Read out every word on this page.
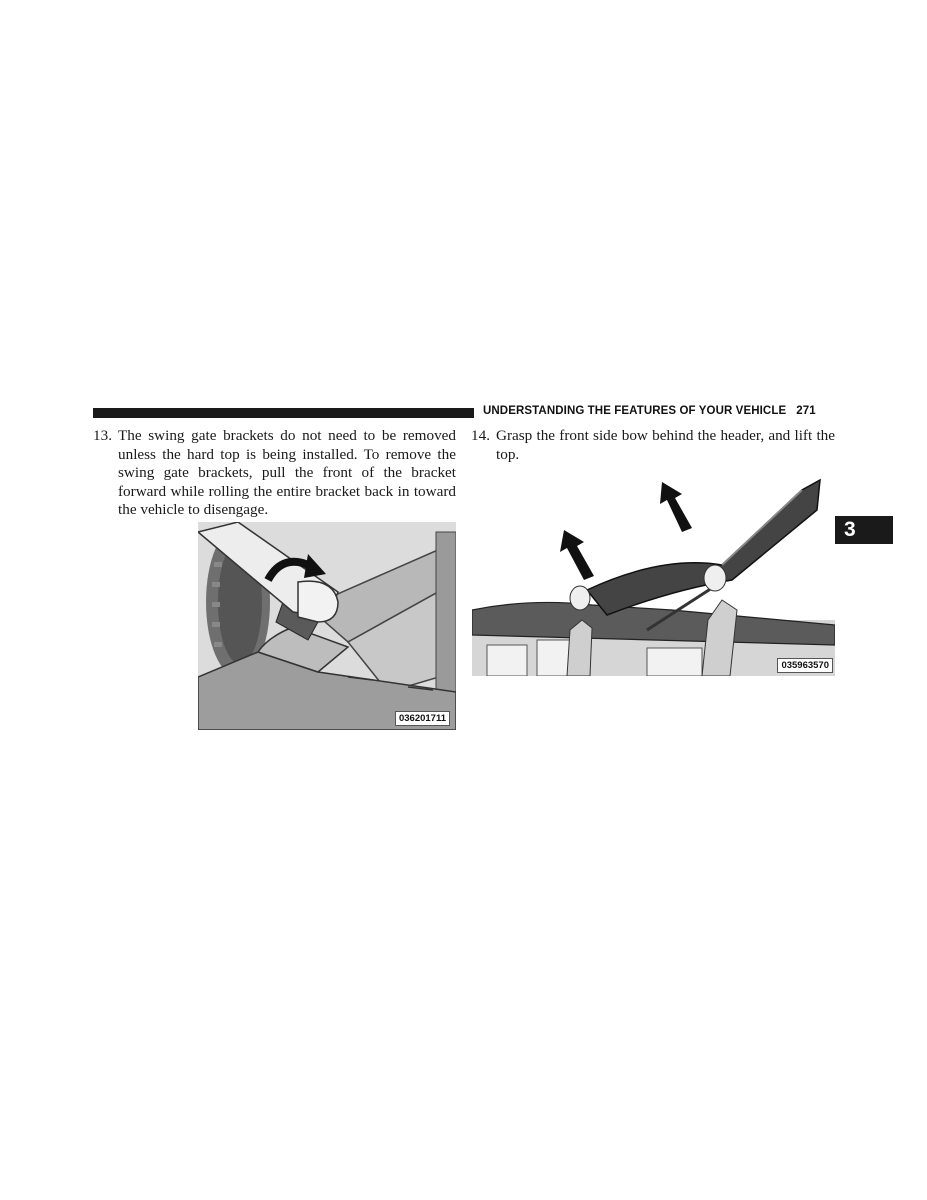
UNDERSTANDING THE FEATURES OF YOUR VEHICLE 271
3
13. The swing gate brackets do not need to be removed unless the hard top is being installed. To remove the swing gate brackets, pull the front of the bracket forward while rolling the entire bracket back in toward the vehicle to disengage.
14. Grasp the front side bow behind the header, and lift the top.
036201711
035963570
